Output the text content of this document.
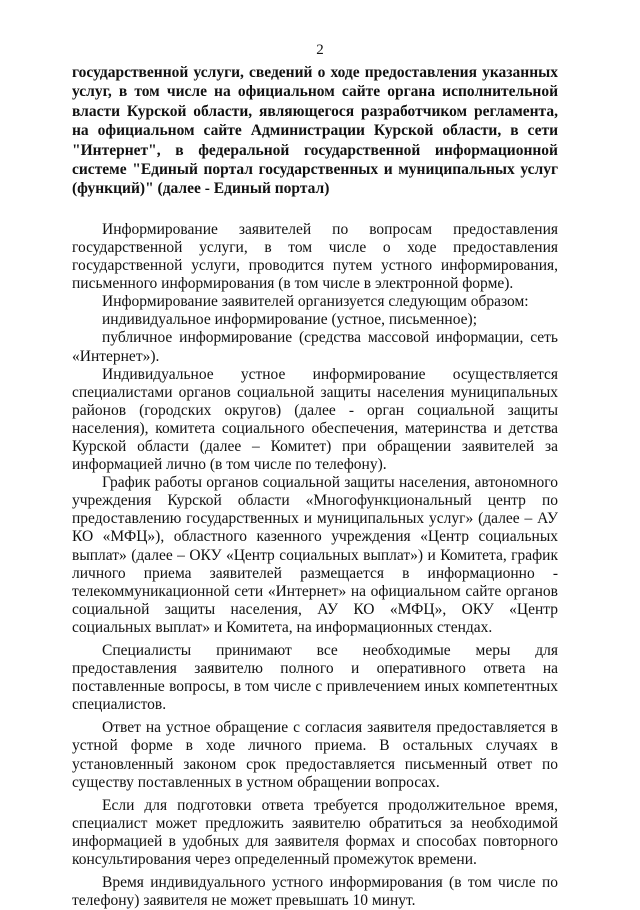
2

государственной услуги, сведений о ходе предоставления указанных услуг, в том числе на официальном сайте органа исполнительной власти Курской области, являющегося разработчиком регламента, на официальном сайте Администрации Курской области, в сети "Интернет", в федеральной государственной информационной системе "Единый портал государственных и муниципальных услуг (функций)" (далее - Единый портал)

Информирование заявителей по вопросам предоставления государственной услуги, в том числе о ходе предоставления государственной услуги, проводится путем устного информирования, письменного информирования (в том числе в электронной форме).

Информирование заявителей организуется следующим образом:

индивидуальное информирование (устное, письменное);

публичное информирование (средства массовой информации, сеть «Интернет»).

Индивидуальное устное информирование осуществляется специалистами органов социальной защиты населения муниципальных районов (городских округов) (далее - орган социальной защиты населения), комитета социального обеспечения, материнства и детства Курской области (далее – Комитет) при обращении заявителей за информацией лично (в том числе по телефону).

График работы органов социальной защиты населения, автономного учреждения Курской области «Многофункциональный центр по предоставлению государственных и муниципальных услуг» (далее – АУ КО «МФЦ»), областного казенного учреждения «Центр социальных выплат» (далее – ОКУ «Центр социальных выплат») и Комитета, график личного приема заявителей размещается в информационно - телекоммуникационной сети «Интернет» на официальном сайте органов социальной защиты населения, АУ КО «МФЦ», ОКУ «Центр социальных выплат» и Комитета, на информационных стендах.

Специалисты принимают все необходимые меры для предоставления заявителю полного и оперативного ответа на поставленные вопросы, в том числе с привлечением иных компетентных специалистов.

Ответ на устное обращение с согласия заявителя предоставляется в устной форме в ходе личного приема. В остальных случаях в установленный законом срок предоставляется письменный ответ по существу поставленных в устном обращении вопросах.

Если для подготовки ответа требуется продолжительное время, специалист может предложить заявителю обратиться за необходимой информацией в удобных для заявителя формах и способах повторного консультирования через определенный промежуток времени.

Время индивидуального устного информирования (в том числе по телефону) заявителя не может превышать 10 минут.
